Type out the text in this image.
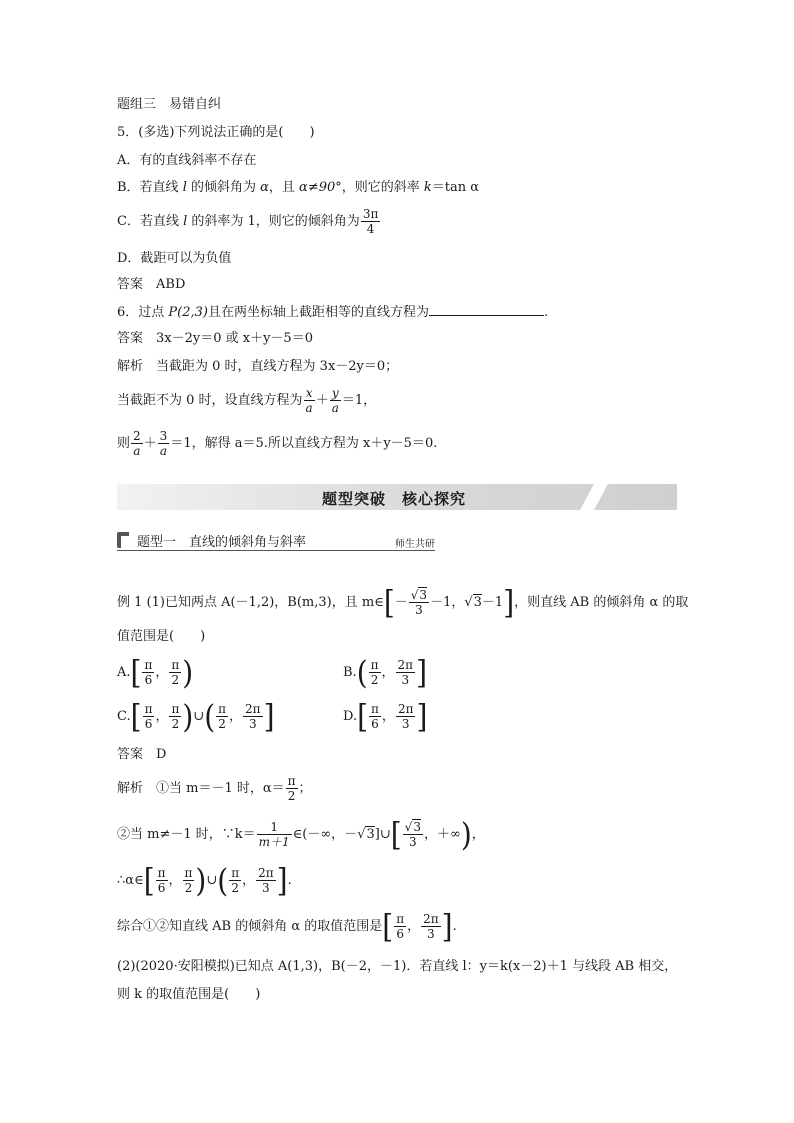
题组三　易错自纠
5．(多选)下列说法正确的是(　　)
A．有的直线斜率不存在
B．若直线 l 的倾斜角为 α，且 α≠90°，则它的斜率 k＝tan α
C．若直线 l 的斜率为 1，则它的倾斜角为 $\frac{3\pi}{4}$
D．截距可以为负值
答案　ABD
6．过点 P(2,3)且在两坐标轴上截距相等的直线方程为	.
答案　3x－2y＝0 或 x＋y－5＝0
解析　当截距为 0 时，直线方程为 3x－2y＝0；
当截距不为 0 时，设直线方程为 $\frac{x}{a} + \frac{y}{a} =1$，
则 $\frac{2}{a} + \frac{3}{a} =1$，解得 a＝5.所以直线方程为 x＋y－5＝0.
题型突破　核心探究
题型一　直线的倾斜角与斜率	师生共研
例 1 (1)已知两点 A(－1,2)，B(m,3)，且 m∈[－ $\frac{√3}{3} -1$，√3－1]，则直线 AB 的倾斜角 α 的取
值范围是(　　)
$A.[ \frac{\pi}{6}$ ， $\frac{\pi}{2}$ )	$B.( \frac{\pi}{2}$ ， $\frac{2\pi}{3}$ ]
$C.[ \frac{\pi}{6}$ ， $\frac{\pi}{2}$ )∪( $\frac{\pi}{2}$ ， $\frac{2\pi}{3}$ ]	$D.[ \frac{\pi}{6}$ ， $\frac{2\pi}{3}$ ]
答案　D
解析　①当 m＝－1 时，$\alpha= \frac{\pi}{2}$ ；
②当 m≠－1 时，∵k＝ $\frac{1}{m+1}$ ∈(－∞，－√3]∪[ $\frac{√3}{3}$ ，＋∞)，
∴α∈[ $\frac{\pi}{6}$ ， $\frac{\pi}{2}$ )∪( $\frac{\pi}{2}$ ， $\frac{2\pi}{3}$ ].
综合①②知直线 AB 的倾斜角 α 的取值范围是[ $\frac{\pi}{6}$ ， $\frac{2\pi}{3}$ ].
(2)(2020·安阳模拟)已知点 A(1,3)，B(－2，－1)．若直线 l：y＝k(x－2)＋1 与线段 AB 相交，
则 k 的取值范围是(　　)
